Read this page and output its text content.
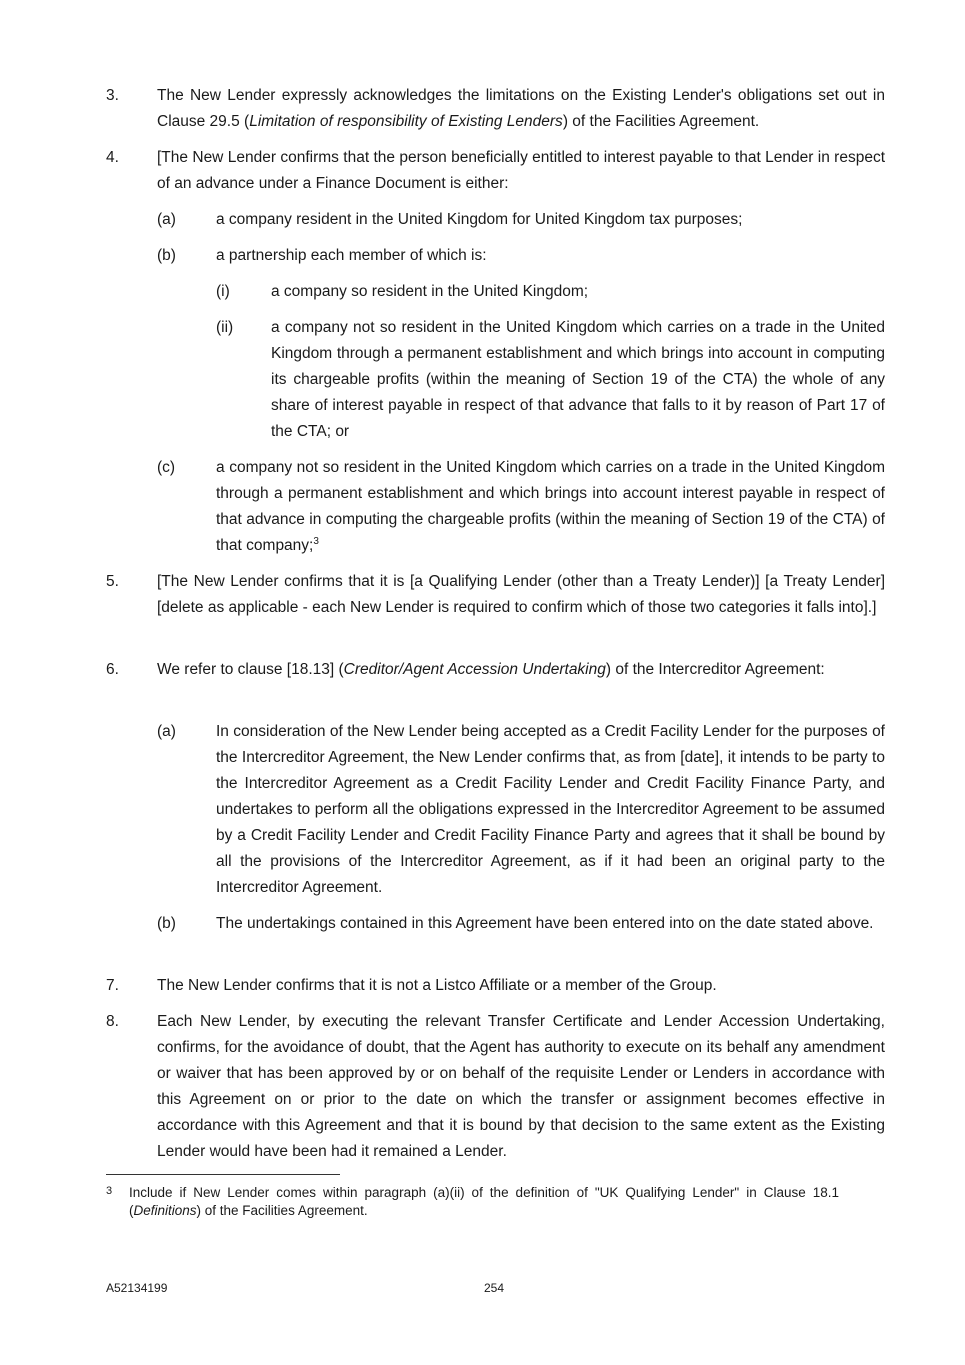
3. The New Lender expressly acknowledges the limitations on the Existing Lender's obligations set out in Clause 29.5 (Limitation of responsibility of Existing Lenders) of the Facilities Agreement.
4. [The New Lender confirms that the person beneficially entitled to interest payable to that Lender in respect of an advance under a Finance Document is either:
(a)	a company resident in the United Kingdom for United Kingdom tax purposes;
(b)	a partnership each member of which is:
(i)	a company so resident in the United Kingdom;
(ii) a company not so resident in the United Kingdom which carries on a trade in the United Kingdom through a permanent establishment and which brings into account in computing its chargeable profits (within the meaning of Section 19 of the CTA) the whole of any share of interest payable in respect of that advance that falls to it by reason of Part 17 of the CTA; or
(c)	a company not so resident in the United Kingdom which carries on a trade in the United Kingdom through a permanent establishment and which brings into account interest payable in respect of that advance in computing the chargeable profits (within the meaning of Section 19 of the CTA) of that company;$^3$
5. [The New Lender confirms that it is [a Qualifying Lender (other than a Treaty Lender)] [a Treaty Lender] [delete as applicable - each New Lender is required to confirm which of those two categories it falls into].]
6. We refer to clause [18.13] (Creditor/Agent Accession Undertaking) of the Intercreditor Agreement:
(a)	In consideration of the New Lender being accepted as a Credit Facility Lender for the purposes of the Intercreditor Agreement, the New Lender confirms that, as from [date], it intends to be party to the Intercreditor Agreement as a Credit Facility Lender and Credit Facility Finance Party, and undertakes to perform all the obligations expressed in the Intercreditor Agreement to be assumed by a Credit Facility Lender and Credit Facility Finance Party and agrees that it shall be bound by all the provisions of the Intercreditor Agreement, as if it had been an original party to the Intercreditor Agreement.
(b)	The undertakings contained in this Agreement have been entered into on the date stated above.
7. The New Lender confirms that it is not a Listco Affiliate or a member of the Group.
8. Each New Lender, by executing the relevant Transfer Certificate and Lender Accession Undertaking, confirms, for the avoidance of doubt, that the Agent has authority to execute on its behalf any amendment or waiver that has been approved by or on behalf of the requisite Lender or Lenders in accordance with this Agreement on or prior to the date on which the transfer or assignment becomes effective in accordance with this Agreement and that it is bound by that decision to the same extent as the Existing Lender would have been had it remained a Lender.
3 Include if New Lender comes within paragraph (a)(ii) of the definition of "UK Qualifying Lender" in Clause 18.1 (Definitions) of the Facilities Agreement.
A52134199	254
